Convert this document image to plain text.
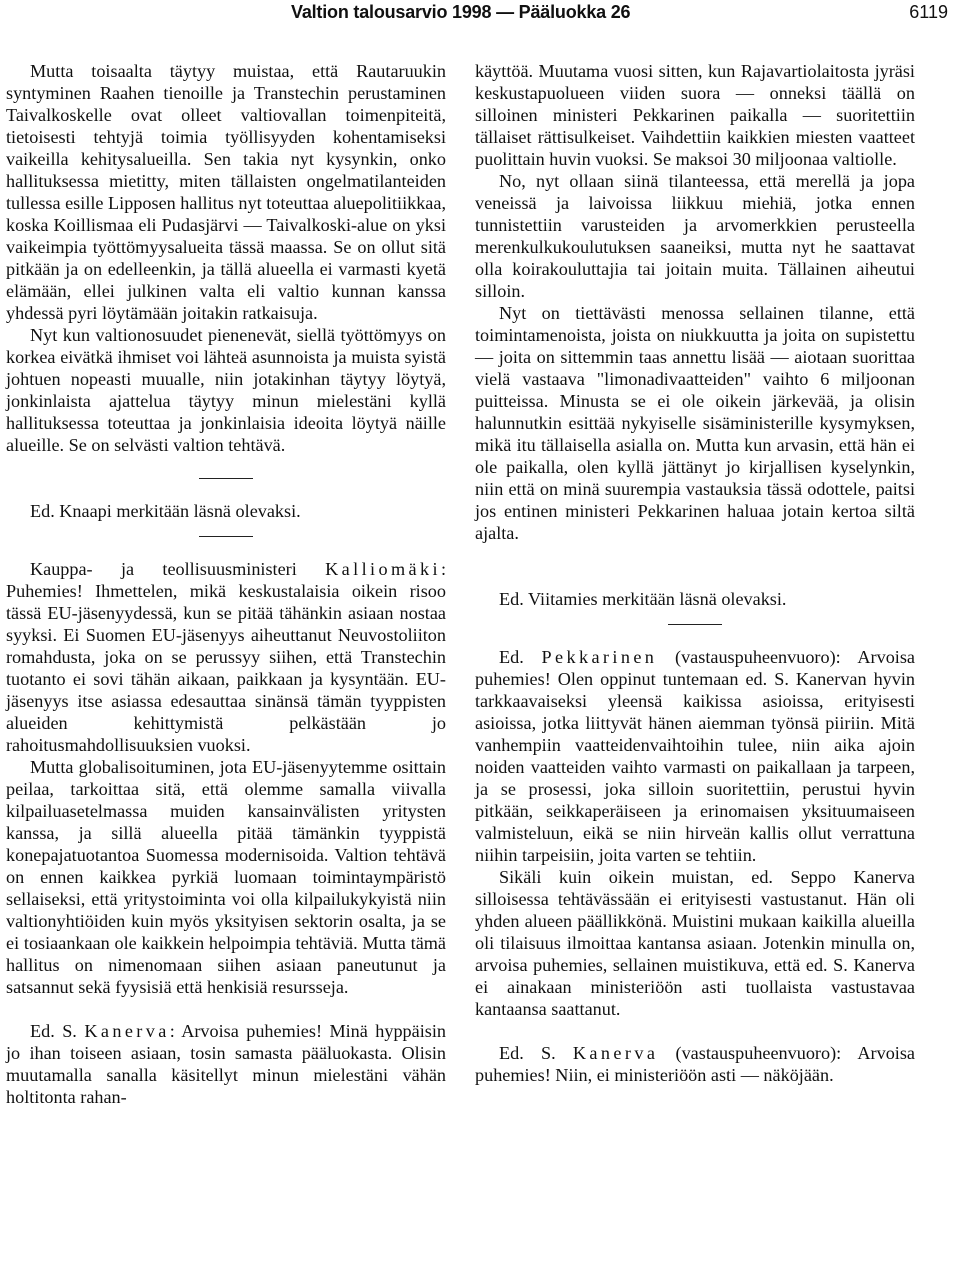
Valtion talousarvio 1998 — Pääluokka 26	6119

Mutta toisaalta täytyy muistaa, että Rautaruukin syntyminen Raahen tienoille ja Transtechin perustaminen Taivalkoskelle ovat olleet valtiovallan toimenpiteitä, tietoisesti tehtyjä toimia työllisyyden kohentamiseksi vaikeilla kehitysalueilla. Sen takia nyt kysynkin, onko hallituksessa mietitty, miten tällaisten ongelmatilanteiden tullessa esille Lipposen hallitus nyt toteuttaa aluepolitiikkaa, koska Koillismaa eli Pudasjärvi — Taivalkoski-alue on yksi vaikeimpia työttömyysalueita tässä maassa. Se on ollut sitä pitkään ja on edelleenkin, ja tällä alueella ei varmasti kyetä elämään, ellei julkinen valta eli valtio kunnan kanssa yhdessä pyri löytämään joitakin ratkaisuja.

Nyt kun valtionosuudet pienenevät, siellä työttömyys on korkea eivätkä ihmiset voi lähteä asunnoista ja muista syistä johtuen nopeasti muualle, niin jotakinhan täytyy löytyä, jonkinlaista ajattelua täytyy minun mielestäni kyllä hallituksessa toteuttaa ja jonkinlaisia ideoita löytyä näille alueille. Se on selvästi valtion tehtävä.

Ed. Knaapi merkitään läsnä olevaksi.

Kauppa- ja teollisuusministeri Kalliomäki: Puhemies! Ihmettelen, mikä keskustalaisia oikein risoo tässä EU-jäsenyydessä, kun se pitää tähänkin asiaan nostaa syyksi. Ei Suomen EU-jäsenyys aiheuttanut Neuvostoliiton romahdusta, joka on se perussyy siihen, että Transtechin tuotanto ei sovi tähän aikaan, paikkaan ja kysyntään. EU-jäsenyys itse asiassa edesauttaa sinänsä tämän tyyppisten alueiden kehittymistä pelkästään jo rahoitusmahdollisuuksien vuoksi.

Mutta globalisoituminen, jota EU-jäsenyytemme osittain peilaa, tarkoittaa sitä, että olemme samalla viivalla kilpailuasetelmassa muiden kansainvälisten yritysten kanssa, ja sillä alueella pitää tämänkin tyyppistä konepajatuotantoa Suomessa modernisoida. Valtion tehtävä on ennen kaikkea pyrkiä luomaan toimintaympäristö sellaiseksi, että yritystoiminta voi olla kilpailukykyistä niin valtionyhtiöiden kuin myös yksityisen sektorin osalta, ja se ei tosiaankaan ole kaikkein helpoimpia tehtäviä. Mutta tämä hallitus on nimenomaan siihen asiaan paneutunut ja satsannut sekä fyysisiä että henkisiä resursseja.

Ed. S. Kanerva: Arvoisa puhemies! Minä hyppäisin jo ihan toiseen asiaan, tosin samasta pääluokasta. Olisin muutamalla sanalla käsitellyt minun mielestäni vähän holtitonta rahan-

käyttöä. Muutama vuosi sitten, kun Rajavartiolaitosta jyräsi keskustapuolueen viiden suora — onneksi täällä on silloinen ministeri Pekkarinen paikalla — suoritettiin tällaiset rättisulkeiset. Vaihdettiin kaikkien miesten vaatteet puolittain huvin vuoksi. Se maksoi 30 miljoonaa valtiolle.

No, nyt ollaan siinä tilanteessa, että merellä ja jopa veneissä ja laivoissa liikkuu miehiä, jotka ennen tunnistettiin varusteiden ja arvomerkkien perusteella merenkulkukoulutuksen saaneiksi, mutta nyt he saattavat olla koirakouluttajia tai joitain muita. Tällainen aiheutui silloin.

Nyt on tiettävästi menossa sellainen tilanne, että toimintamenoista, joista on niukkuutta ja joita on supistettu — joita on sittemmin taas annettu lisää — aiotaan suorittaa vielä vastaava "limonadivaatteiden" vaihto 6 miljoonan puitteissa. Minusta se ei ole oikein järkevää, ja olisin halunnutkin esittää nykyiselle sisäministerille kysymyksen, mikä itu tällaisella asialla on. Mutta kun arvasin, että hän ei ole paikalla, olen kyllä jättänyt jo kirjallisen kyselynkin, niin että on minä suurempia vastauksia tässä odottele, paitsi jos entinen ministeri Pekkarinen haluaa jotain kertoa siltä ajalta.

Ed. Viitamies merkitään läsnä olevaksi.

Ed. Pekkarinen (vastauspuheenvuoro): Arvoisa puhemies! Olen oppinut tuntemaan ed. S. Kanervan hyvin tarkkaavaiseksi yleensä kaikissa asioissa, erityisesti asioissa, jotka liittyvät hänen aiemman työnsä piiriin. Mitä vanhempiin vaatteidenvaihtoihin tulee, niin aika ajoin noiden vaatteiden vaihto varmasti on paikallaan ja tarpeen, ja se prosessi, joka silloin suoritettiin, perustui hyvin pitkään, seikkaperäiseen ja erinomaisen yksituumaiseen valmisteluun, eikä se niin hirveän kallis ollut verrattuna niihin tarpeisiin, joita varten se tehtiin.

Sikäli kuin oikein muistan, ed. Seppo Kanerva silloisessa tehtävässään ei erityisesti vastustanut. Hän oli yhden alueen päällikkönä. Muistini mukaan kaikilla alueilla oli tilaisuus ilmoittaa kantansa asiaan. Jotenkin minulla on, arvoisa puhemies, sellainen muistikuva, että ed. S. Kanerva ei ainakaan ministeriöön asti tuollaista vastustavaa kantaansa saattanut.

Ed. S. Kanerva (vastauspuheenvuoro): Arvoisa puhemies! Niin, ei ministeriöön asti — näköjään.
